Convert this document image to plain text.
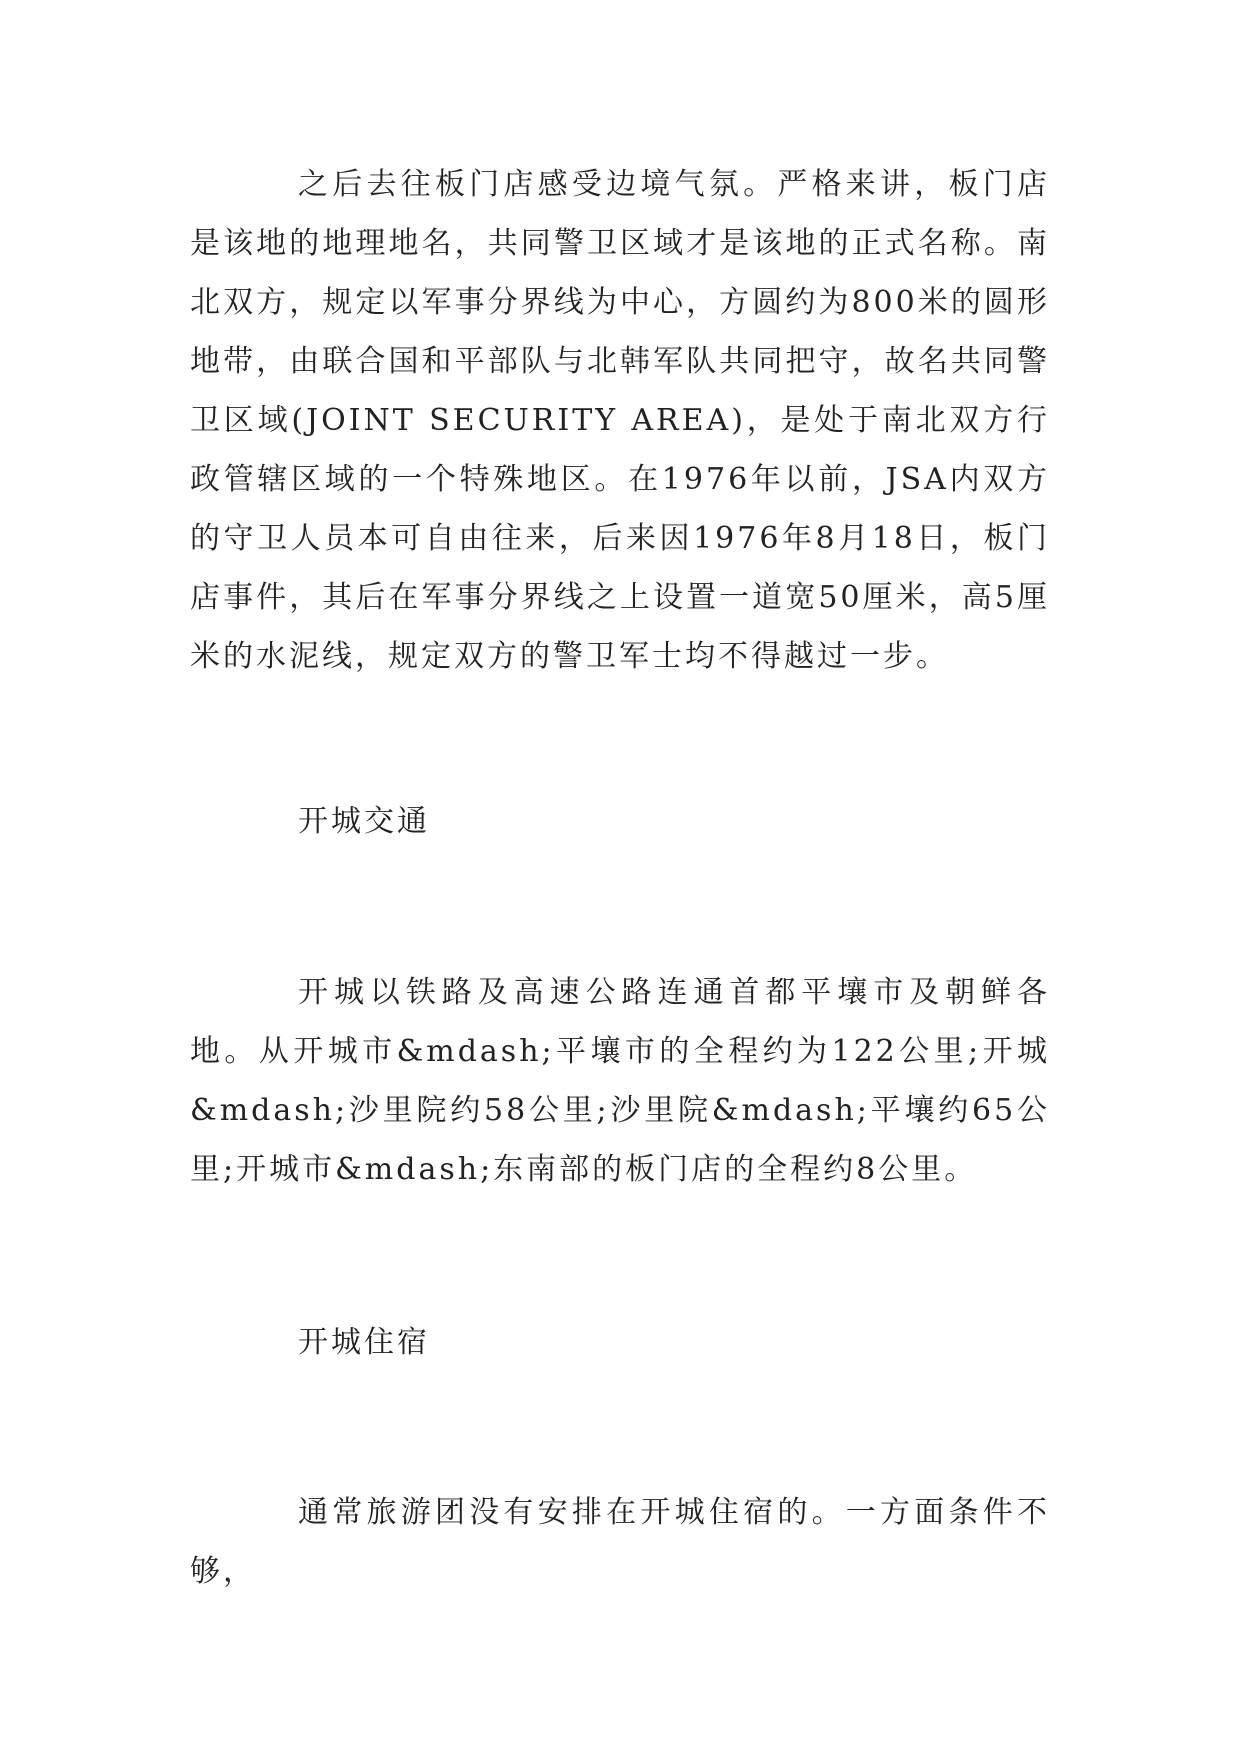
之后去往板门店感受边境气氛。严格来讲，板门店是该地的地理地名，共同警卫区域才是该地的正式名称。南北双方，规定以军事分界线为中心，方圆约为800米的圆形地带，由联合国和平部队与北韩军队共同把守，故名共同警卫区域(JOINT SECURITY AREA)，是处于南北双方行政管辖区域的一个特殊地区。在1976年以前，JSA内双方的守卫人员本可自由往来，后来因1976年8月18日，板门店事件，其后在军事分界线之上设置一道宽50厘米，高5厘米的水泥线，规定双方的警卫军士均不得越过一步。

开城交通

开城以铁路及高速公路连通首都平壤市及朝鲜各地。从开城市&mdash;平壤市的全程约为122公里;开城&mdash;沙里院约58公里;沙里院&mdash;平壤约65公里;开城市&mdash;东南部的板门店的全程约8公里。

开城住宿

通常旅游团没有安排在开城住宿的。一方面条件不够，
